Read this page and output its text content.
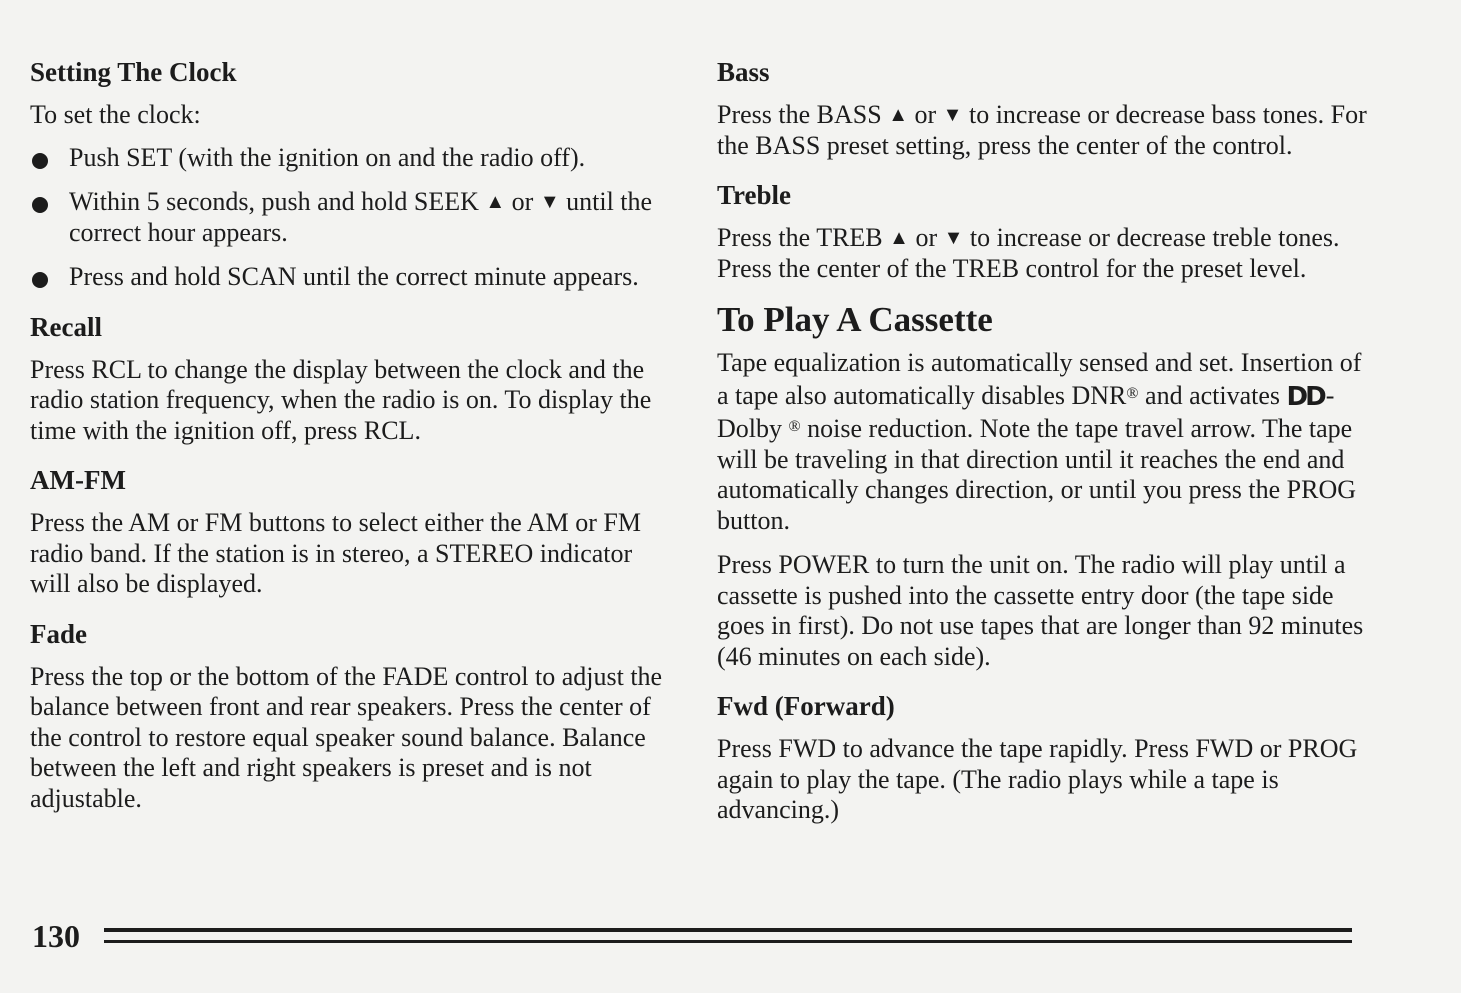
Setting The Clock

To set the clock:

Push SET (with the ignition on and the radio off).
Within 5 seconds, push and hold SEEK ▲ or ▼ until the correct hour appears.
Press and hold SCAN until the correct minute appears.
Recall

Press RCL to change the display between the clock and the radio station frequency, when the radio is on. To display the time with the ignition off, press RCL.

AM-FM

Press the AM or FM buttons to select either the AM or FM radio band. If the station is in stereo, a STEREO indicator will also be displayed.

Fade

Press the top or the bottom of the FADE control to adjust the balance between front and rear speakers. Press the center of the control to restore equal speaker sound balance. Balance between the left and right speakers is preset and is not adjustable.

Bass

Press the BASS ▲ or ▼ to increase or decrease bass tones. For the BASS preset setting, press the center of the control.

Treble

Press the TREB ▲ or ▼ to increase or decrease treble tones. Press the center of the TREB control for the preset level.

To Play A Cassette

Tape equalization is automatically sensed and set. Insertion of a tape also automatically disables DNR® and activates DD-Dolby ® noise reduction. Note the tape travel arrow. The tape will be traveling in that direction until it reaches the end and automatically changes direction, or until you press the PROG button.

Press POWER to turn the unit on. The radio will play until a cassette is pushed into the cassette entry door (the tape side goes in first). Do not use tapes that are longer than 92 minutes (46 minutes on each side).

Fwd (Forward)

Press FWD to advance the tape rapidly. Press FWD or PROG again to play the tape. (The radio plays while a tape is advancing.)

130
